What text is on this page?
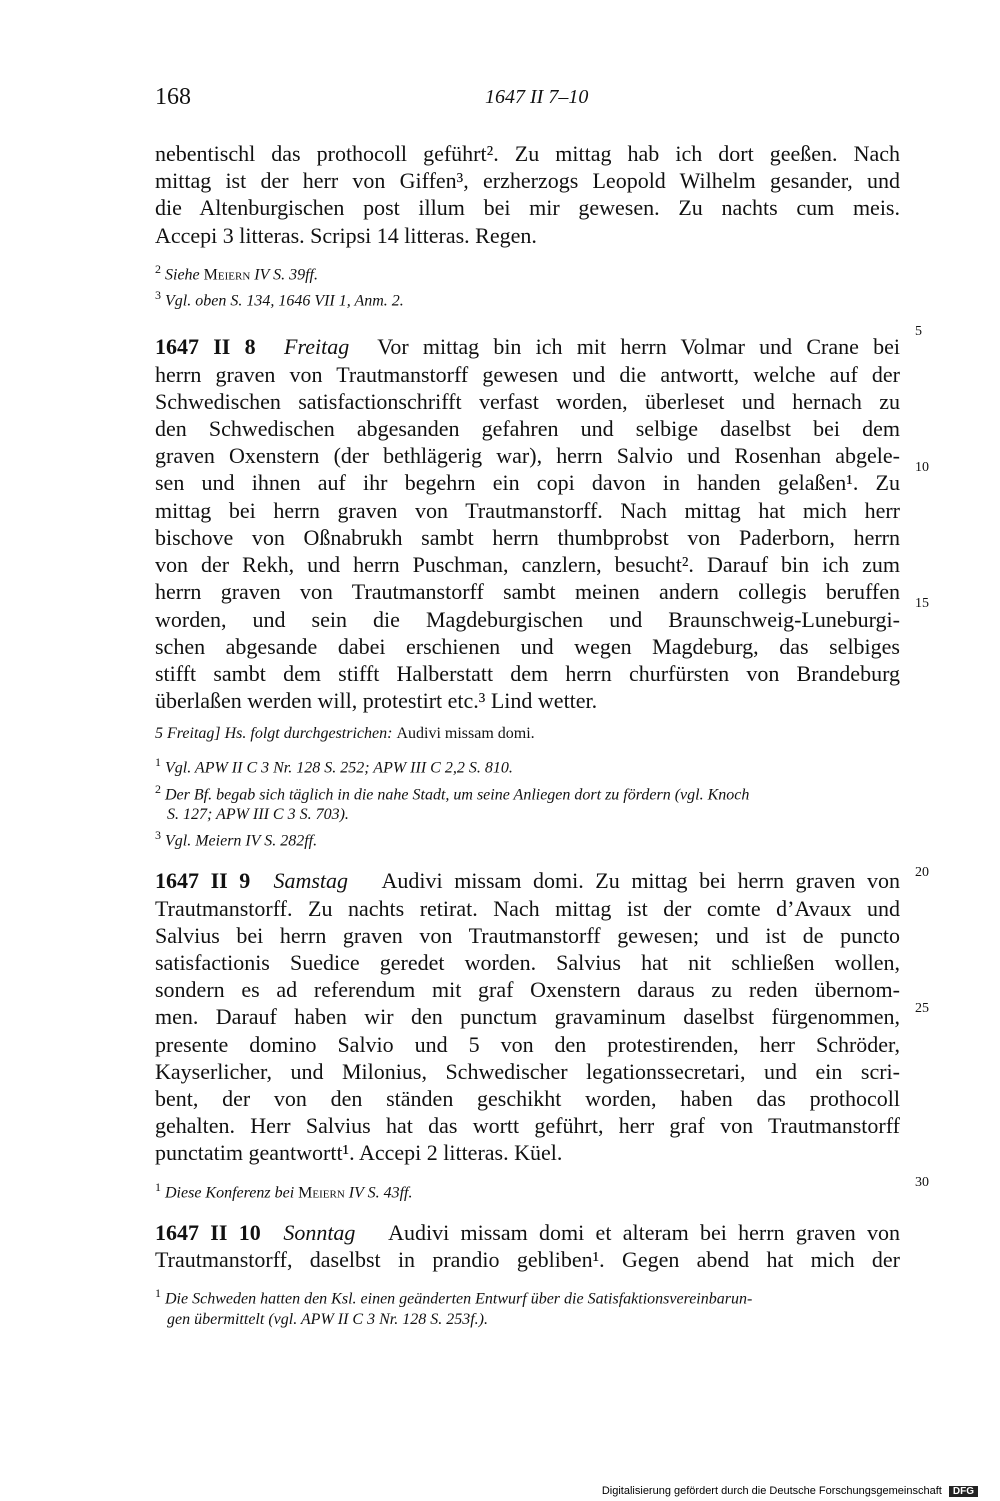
168	1647 II 7–10
nebentischl das prothocoll geführt². Zu mittag hab ich dort geeßen. Nach
mittag ist der herr von Giffen³, erzherzogs Leopold Wilhelm gesander, und
die Altenburgischen post illum bei mir gewesen. Zu nachts cum meis.
Accepi 3 litteras. Scripsi 14 litteras. Regen.

$^2$ Siehe Meiern IV S. 39ff.

$^3$ Vgl. oben S. 134, 1646 VII 1, Anm. 2.

1647 II 8 Freitag Vor mittag bin ich mit herrn Volmar und Crane bei
herrn graven von Trautmanstorff gewesen und die antwortt, welche auf der
Schwedischen satisfactionschrifft verfast worden, überleset und hernach zu
den Schwedischen abgesanden gefahren und selbige daselbst bei dem
graven Oxenstern (der bethlägerig war), herrn Salvio und Rosenhan abgele-
sen und ihnen auf ihr begehrn ein copi davon in handen gelaßen¹. Zu
mittag bei herrn graven von Trautmanstorff. Nach mittag hat mich herr
bischove von Oßnabrukh sambt herrn thumbprobst von Paderborn, herrn
von der Rekh, und herrn Puschman, canzlern, besucht². Darauf bin ich zum
herrn graven von Trautmanstorff sambt meinen andern collegis beruffen
worden, und sein die Magdeburgischen und Braunschweig-Luneburgi-
schen abgesande dabei erschienen und wegen Magdeburg, das selbiges
stifft sambt dem stifft Halberstatt dem herrn churfürsten von Brandeburg
überlaßen werden will, protestirt etc.³ Lind wetter.

5 Freitag] Hs. folgt durchgestrichen: Audivi missam domi.

$^1$ Vgl. APW II C 3 Nr. 128 S. 252; APW III C 2,2 S. 810.

$^2$ Der Bf. begab sich täglich in die nahe Stadt, um seine Anliegen dort zu fördern (vgl. Knoch

S. 127; APW III C 3 S. 703).

$^3$ Vgl. Meiern IV S. 282ff.

1647 II 9 Samstag Audivi missam domi. Zu mittag bei herrn graven von
Trautmanstorff. Zu nachts retirat. Nach mittag ist der comte d’Avaux und
Salvius bei herrn graven von Trautmanstorff gewesen; und ist de puncto
satisfactionis Suedice geredet worden. Salvius hat nit schließen wollen,
sondern es ad referendum mit graf Oxenstern daraus zu reden übernom-
men. Darauf haben wir den punctum gravaminum daselbst fürgenommen,
presente domino Salvio und 5 von den protestirenden, herr Schröder,
Kayserlicher, und Milonius, Schwedischer legationssecretari, und ein scri-
bent, der von den ständen geschikht worden, haben das prothocoll
gehalten. Herr Salvius hat das wortt geführt, herr graf von Trautmanstorff
punctatim geantwortt¹. Accepi 2 litteras. Küel.

$^1$ Diese Konferenz bei Meiern IV S. 43ff.

1647 II 10 Sonntag Audivi missam domi et alteram bei herrn graven von
Trautmanstorff, daselbst in prandio gebliben¹. Gegen abend hat mich der

$^1$ Die Schweden hatten den Ksl. einen geänderten Entwurf über die Satisfaktionsvereinbarun-

gen übermittelt (vgl. APW II C 3 Nr. 128 S. 253f.).

5
10
15
20
25
30
Digitalisierung gefördert durch die Deutsche Forschungsgemeinschaft DFG
